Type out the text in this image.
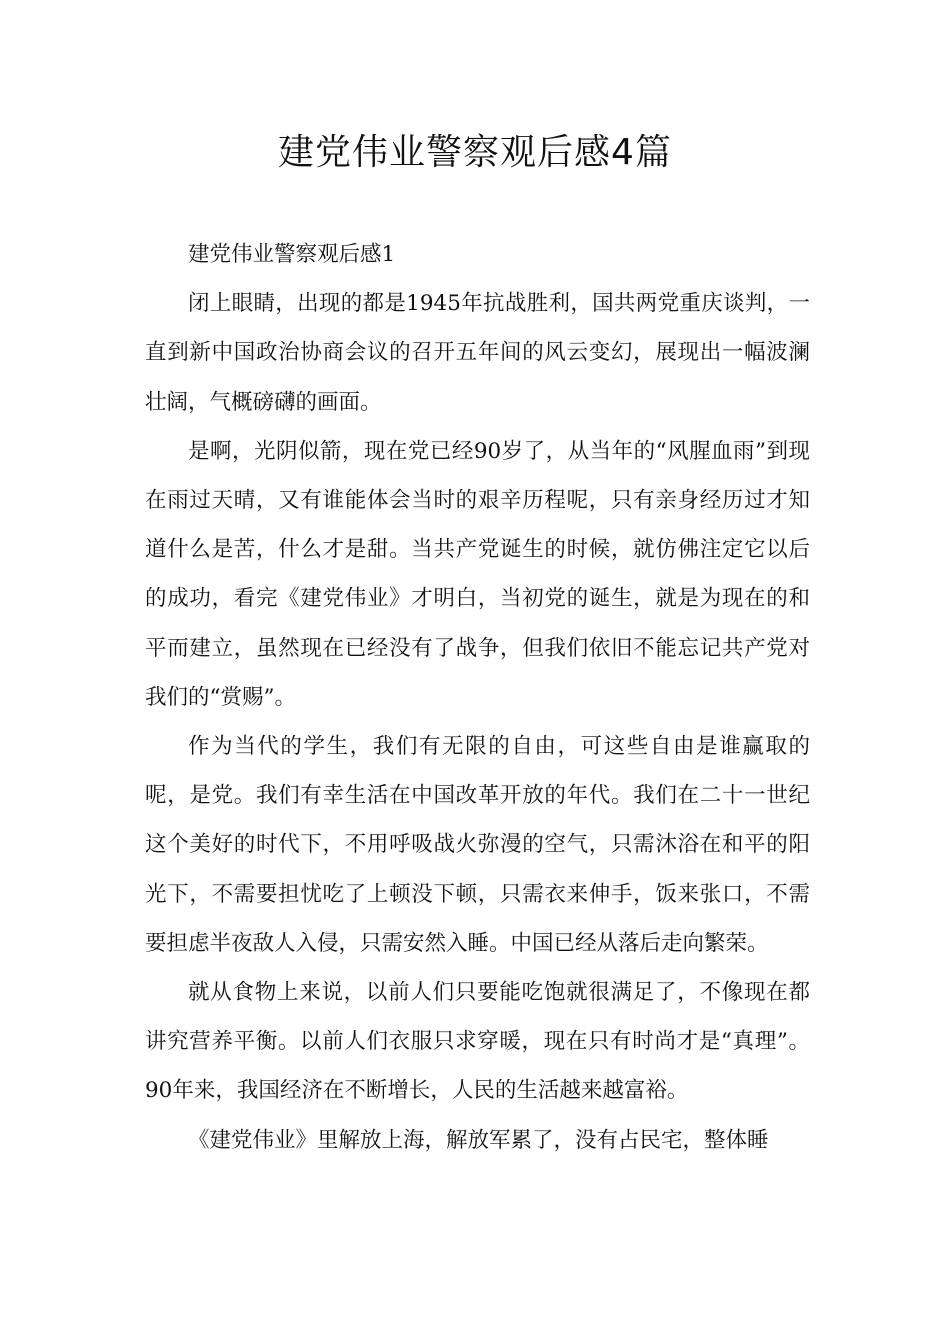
建党伟业警察观后感4篇
建党伟业警察观后感1

闭上眼睛，出现的都是1945年抗战胜利，国共两党重庆谈判，一直到新中国政治协商会议的召开五年间的风云变幻，展现出一幅波澜壮阔，气概磅礴的画面。

是啊，光阴似箭，现在党已经90岁了，从当年的“风腥血雨”到现在雨过天晴，又有谁能体会当时的艰辛历程呢，只有亲身经历过才知道什么是苦，什么才是甜。当共产党诞生的时候，就仿佛注定它以后的成功，看完《建党伟业》才明白，当初党的诞生，就是为现在的和平而建立，虽然现在已经没有了战争，但我们依旧不能忘记共产党对我们的“赏赐”。

作为当代的学生，我们有无限的自由，可这些自由是谁赢取的呢，是党。我们有幸生活在中国改革开放的年代。我们在二十一世纪这个美好的时代下，不用呼吸战火弥漫的空气，只需沐浴在和平的阳光下，不需要担忧吃了上顿没下顿，只需衣来伸手，饭来张口，不需要担虑半夜敌人入侵，只需安然入睡。中国已经从落后走向繁荣。

就从食物上来说，以前人们只要能吃饱就很满足了，不像现在都讲究营养平衡。以前人们衣服只求穿暖，现在只有时尚才是“真理”。90年来，我国经济在不断增长，人民的生活越来越富裕。

《建党伟业》里解放上海，解放军累了，没有占民宅，整体睡
